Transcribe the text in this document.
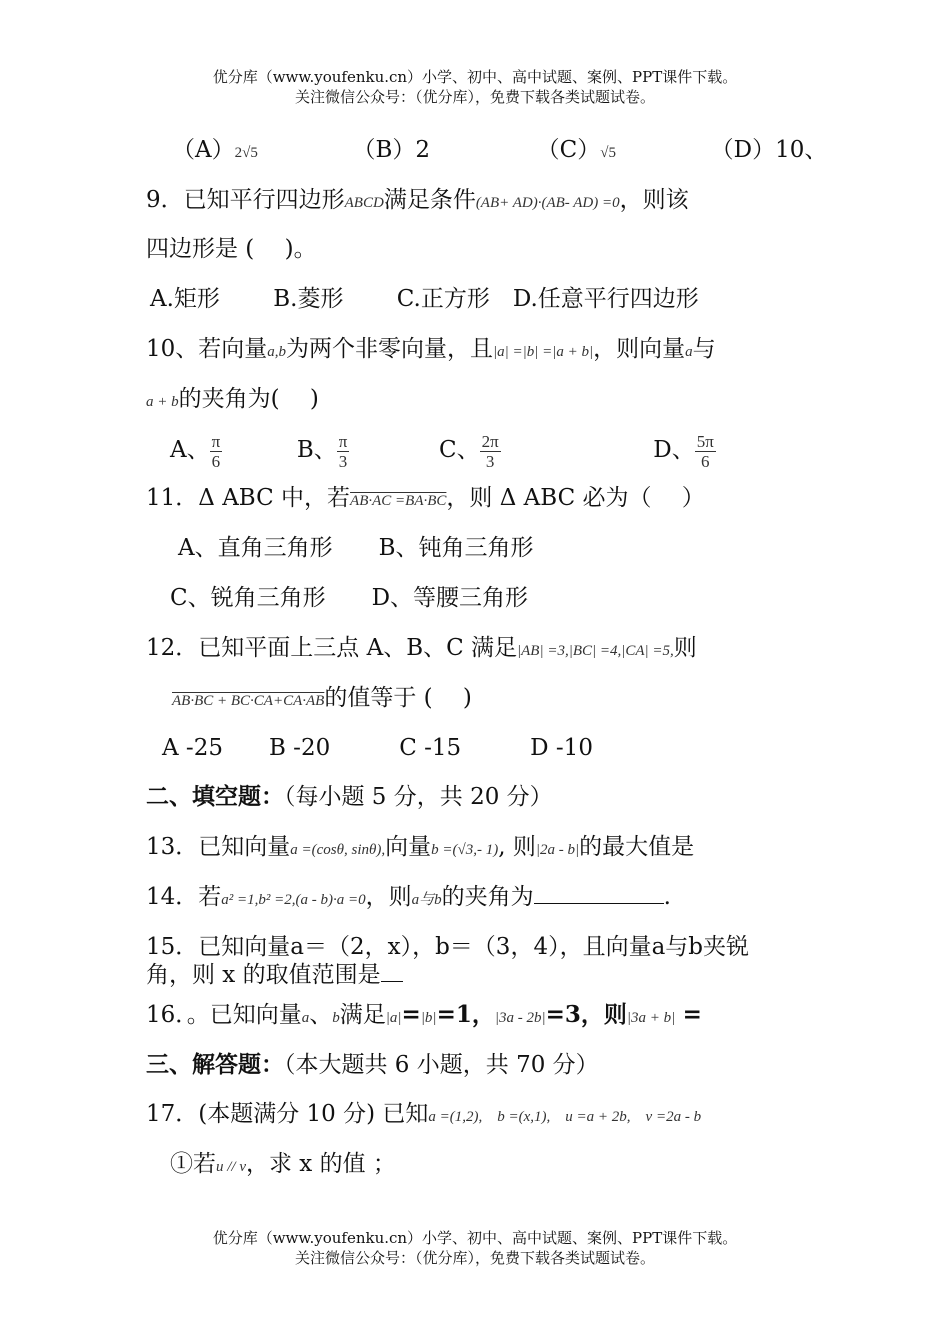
优分库（www.youfenku.cn）小学、初中、高中试题、案例、PPT课件下载。
关注微信公众号：（优分库），免费下载各类试题试卷。
（A）2√5	（B）2	（C）√5	（D）10、
9．已知平行四边形ABCD满足条件(AB+ AD)·(AB- AD) =0，则该
四边形是 (　 )。
A.矩形　　 B.菱形　　 C.正方形　D.任意平行四边形
10、若向量a,b为两个非零向量，且|a| =|b| =|a + b|，则向量a与
a + b的夹角为(　 )
A、 $\frac{\pi}{6}$	B、 $\frac{\pi}{3}$	C、 $\frac{2\pi}{3}$	D、 $\frac{5\pi}{6}$
11．Δ ABC 中，若AB·AC =BA·BC，则 Δ ABC 必为（　 ）
A、直角三角形　　B、钝角三角形
C、锐角三角形　　D、等腰三角形
12．已知平面上三点 A、B、C 满足|AB| =3,|BC| =4,|CA| =5,则
AB·BC + BC·CA+CA·AB的值等于 ( 　)
A -25　　B -20　　　C -15　　　D -10
二、填空题：（每小题 5 分，共 20 分）
13．已知向量a =(cosθ, sinθ),向量b =(√3,- 1), 则|2a - b|的最大值是
14．若a² =1,b² =2,(a - b)·a =0，则a与b的夹角为	.
15．已知向量a＝（2，x），b＝（3，4），且向量a与b夹锐
角，则 x 的取值范围是
16．。已知向量a、b满足|a|=|b|=1，|3a - 2b|=3，则|3a + b| =
三、解答题：（本大题共 6 小题，共 70 分）
17．(本题满分 10 分) 已知a =(1,2),　b =(x,1),　u =a + 2b,　v =2a - b
①若u // v，求 x 的值 ；
优分库（www.youfenku.cn）小学、初中、高中试题、案例、PPT课件下载。
关注微信公众号：（优分库），免费下载各类试题试卷。
